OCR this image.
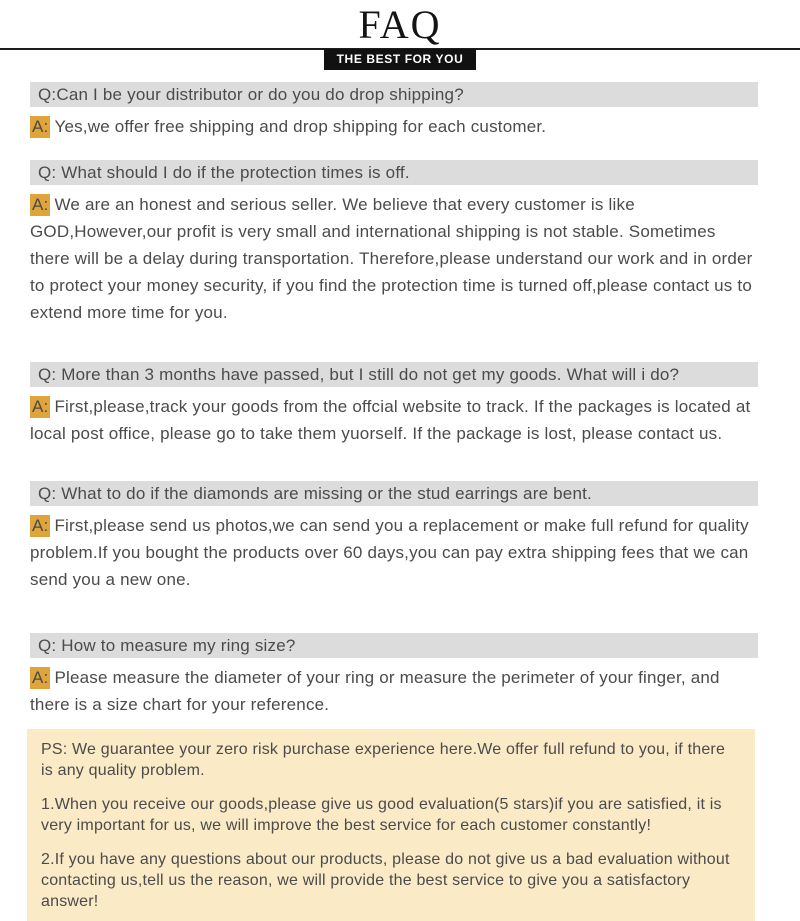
FAQ
THE BEST FOR YOU
Q:Can I be your distributor or do you do drop shipping?

A: Yes,we offer free shipping and drop shipping for each customer.

Q: What should I do if the protection times is off.

A: We are an honest and serious seller. We believe that every customer is like GOD,However,our profit is very small and international shipping is not stable. Sometimes there will be a delay during transportation. Therefore,please understand our work and in order to protect your money security, if you find the protection time is turned off,please contact us to extend more time for you.

Q: More than 3 months have passed, but I still do not get my goods. What will i do?

A: First,please,track your goods from the offcial website to track. If the packages is located at local post office, please go to take them yuorself. If the package is lost, please contact us.

Q: What to do if the diamonds are missing or the stud earrings are bent.

A: First,please send us photos,we can send you a replacement or make full refund for quality problem.If you bought the products over 60 days,you can pay extra shipping fees that we can send you a new one.

Q: How to measure my ring size?

A: Please measure the diameter of your ring or measure the perimeter of your finger, and there is a size chart for your reference.

PS: We guarantee your zero risk purchase experience here.We offer full refund to you, if there is any quality problem.

1.When you receive our goods,please give us good evaluation(5 stars)if you are satisfied, it is very important for us, we will improve the best service for each customer constantly!

2.If you have any questions about our products, please do not give us a bad evaluation without contacting us,tell us the reason, we will provide the best service to give you a satisfactory answer!
